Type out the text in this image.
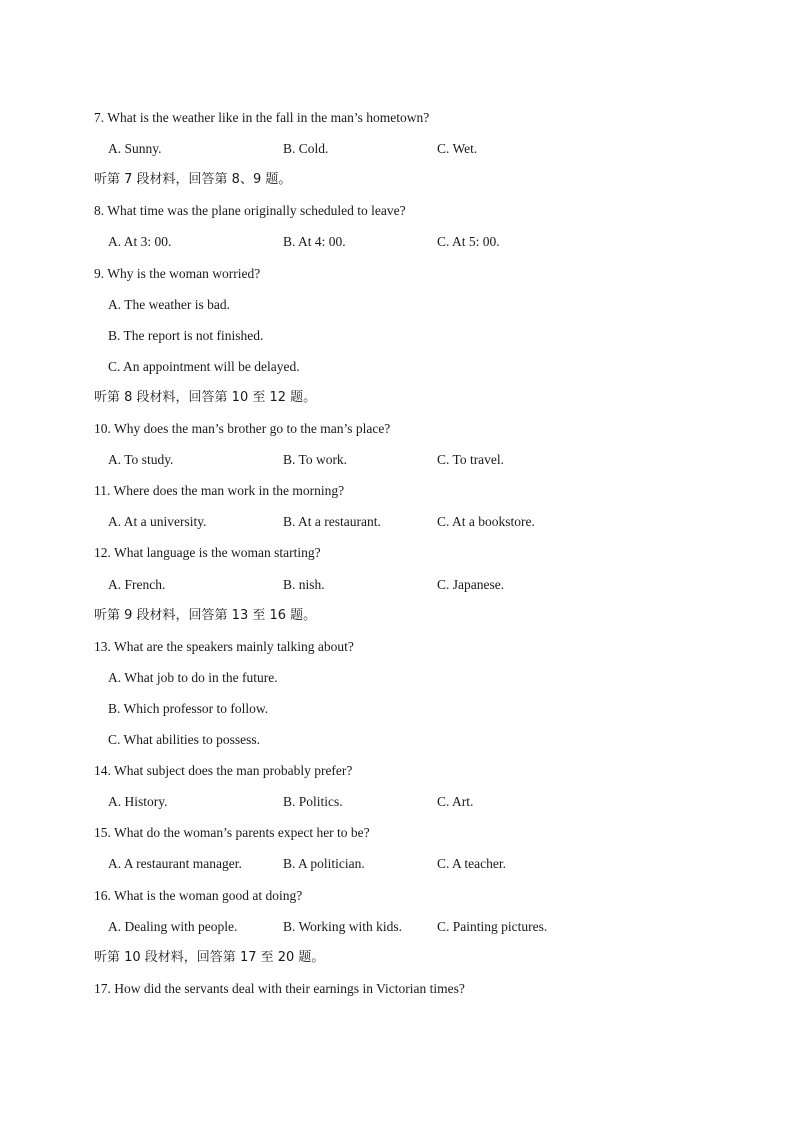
7. What is the weather like in the fall in the man’s hometown?
A. Sunny.	B. Cold.	C. Wet.
听第 7 段材料，回答第 8、9 题。
8. What time was the plane originally scheduled to leave?
A. At 3: 00.	B. At 4: 00.	C. At 5: 00.
9. Why is the woman worried?
A. The weather is bad.
B. The report is not finished.
C. An appointment will be delayed.
听第 8 段材料，回答第 10 至 12 题。
10. Why does the man’s brother go to the man’s place?
A. To study.	B. To work.	C. To travel.
11. Where does the man work in the morning?
A. At a university.	B. At a restaurant.	C. At a bookstore.
12. What language is the woman starting?
A. French.	B. nish.	C. Japanese.
听第 9 段材料，回答第 13 至 16 题。
13. What are the speakers mainly talking about?
A. What job to do in the future.
B. Which professor to follow.
C. What abilities to possess.
14. What subject does the man probably prefer?
A. History.	B. Politics.	C. Art.
15. What do the woman’s parents expect her to be?
A. A restaurant manager.	B. A politician.	C. A teacher.
16. What is the woman good at doing?
A. Dealing with people.	B. Working with kids.	C. Painting pictures.
听第 10 段材料，回答第 17 至 20 题。
17. How did the servants deal with their earnings in Victorian times?
